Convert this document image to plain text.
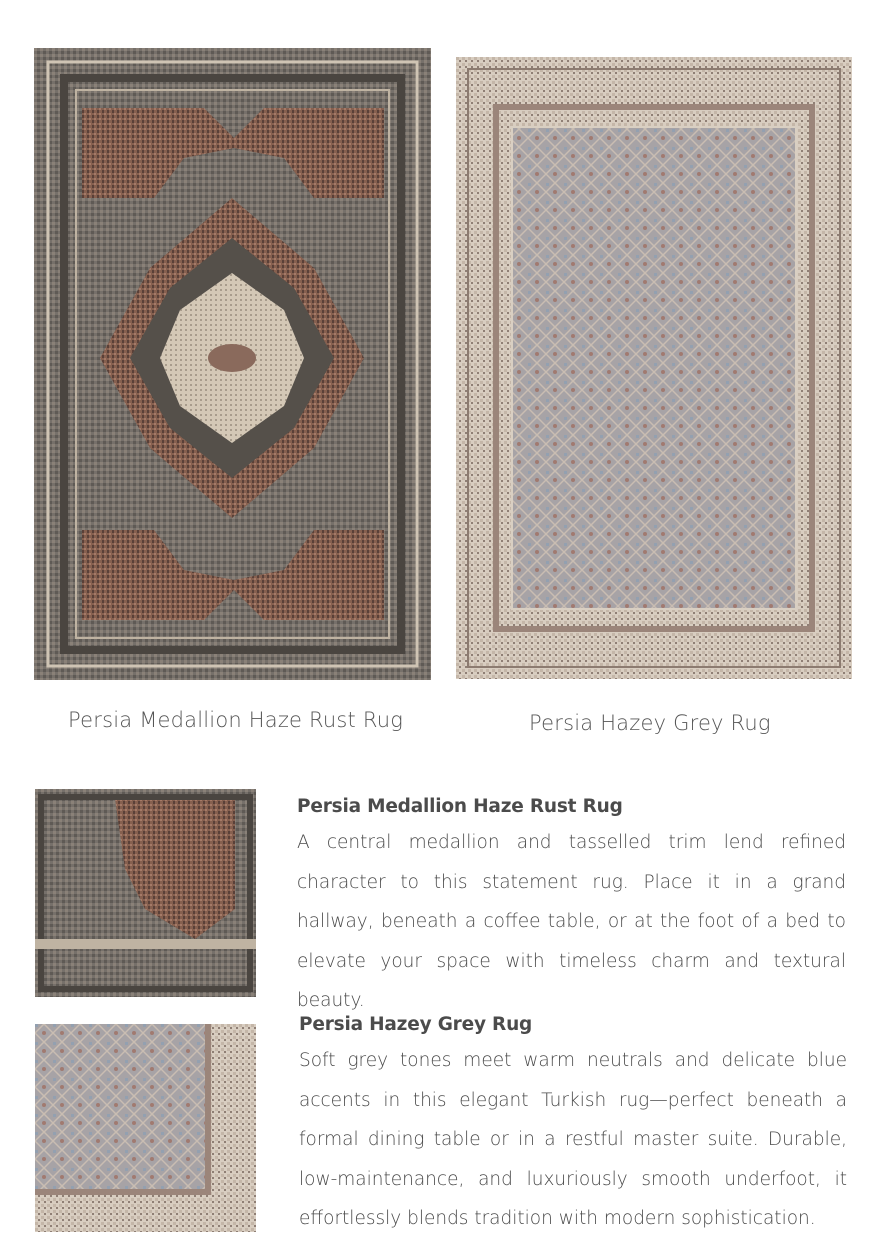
Persia Medallion Haze Rust Rug	Persia Hazey Grey Rug
Persia Medallion Haze Rust Rug

A central medallion and tasselled trim lend refined character to this statement rug. Place it in a grand hallway, beneath a coffee table, or at the foot of a bed to elevate your space with timeless charm and textural beauty.

Persia Hazey Grey Rug

Soft grey tones meet warm neutrals and delicate blue accents in this elegant Turkish rug—perfect beneath a formal dining table or in a restful master suite. Durable, low-maintenance, and luxuriously smooth underfoot, it effortlessly blends tradition with modern sophistication.
